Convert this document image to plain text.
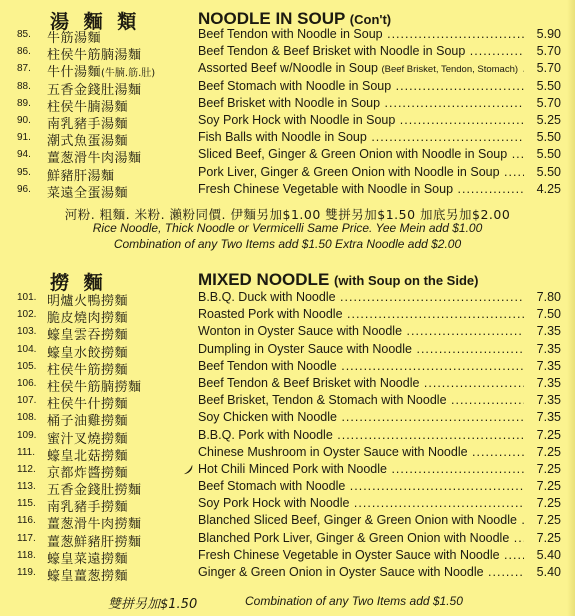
湯 麵 類	NOODLE IN SOUP (Con't)
85.	牛筋湯麵	Beef Tendon with Noodle in Soup .....	5.90
86.	柱侯牛筋腩湯麵	Beef Tendon & Beef Brisket with Noodle in Soup .....	5.70
87.	牛什湯麵(牛腩.筋.肚)	Assorted Beef w/Noodle in Soup (Beef Brisket, Tendon, Stomach) .....	5.70
88.	五香金錢肚湯麵	Beef Stomach with Noodle in Soup .....	5.50
89.	柱侯牛腩湯麵	Beef Brisket with Noodle in Soup .....	5.70
90.	南乳豬手湯麵	Soy Pork Hock with Noodle in Soup .....	5.25
91.	潮式魚蛋湯麵	Fish Balls with Noodle in Soup .....	5.50
94.	薑葱滑牛肉湯麵	Sliced Beef, Ginger & Green Onion with Noodle in Soup .....	5.50
95.	鮮豬肝湯麵	Pork Liver, Ginger & Green Onion with Noodle in Soup .....	5.50
96.	菜遠全蛋湯麵	Fresh Chinese Vegetable with Noodle in Soup .....	4.25
河粉. 粗麵. 米粉. 瀨粉同價. 伊麵另加$1.00 雙拼另加$1.50 加底另加$2.00
Rice Noodle, Thick Noodle or Vermicelli Same Price. Yee Mein add $1.00
Combination of any Two Items add $1.50 Extra Noodle add $2.00
撈 麵	MIXED NOODLE (with Soup on the Side)
101. 明爐火鴨撈麵	B.B.Q. Duck with Noodle .....	7.80
102. 脆皮燒肉撈麵	Roasted Pork with Noodle .....	7.50
103. 蠔皇雲吞撈麵	Wonton in Oyster Sauce with Noodle .....	7.35
104. 蠔皇水餃撈麵	Dumpling in Oyster Sauce with Noodle .....	7.35
105. 柱侯牛筋撈麵	Beef Tendon with Noodle .....	7.35
106. 柱侯牛筋腩撈麵	Beef Tendon & Beef Brisket with Noodle .....	7.35
107. 柱侯牛什撈麵	Beef Brisket, Tendon & Stomach with Noodle .....	7.35
108. 桶子油雞撈麵	Soy Chicken with Noodle .....	7.35
109. 蜜汁叉燒撈麵	B.B.Q. Pork with Noodle .....	7.25
111. 蠔皇北菇撈麵	Chinese Mushroom in Oyster Sauce with Noodle .....	7.25
112. 京都炸醬撈麵	Hot Chili Minced Pork with Noodle .....	7.25
113. 五香金錢肚撈麵	Beef Stomach with Noodle .....	7.25
115. 南乳豬手撈麵	Soy Pork Hock with Noodle .....	7.25
116. 薑葱滑牛肉撈麵	Blanched Sliced Beef, Ginger & Green Onion with Noodle .....	7.25
117. 薑葱鮮豬肝撈麵	Blanched Pork Liver, Ginger & Green Onion with Noodle .....	7.25
118. 蠔皇菜遠撈麵	Fresh Chinese Vegetable in Oyster Sauce with Noodle .....	5.40
119. 蠔皇薑葱撈麵	Ginger & Green Onion in Oyster Sauce with Noodle .....	5.40
雙拼另加$1.50	Combination of any Two Items add $1.50
